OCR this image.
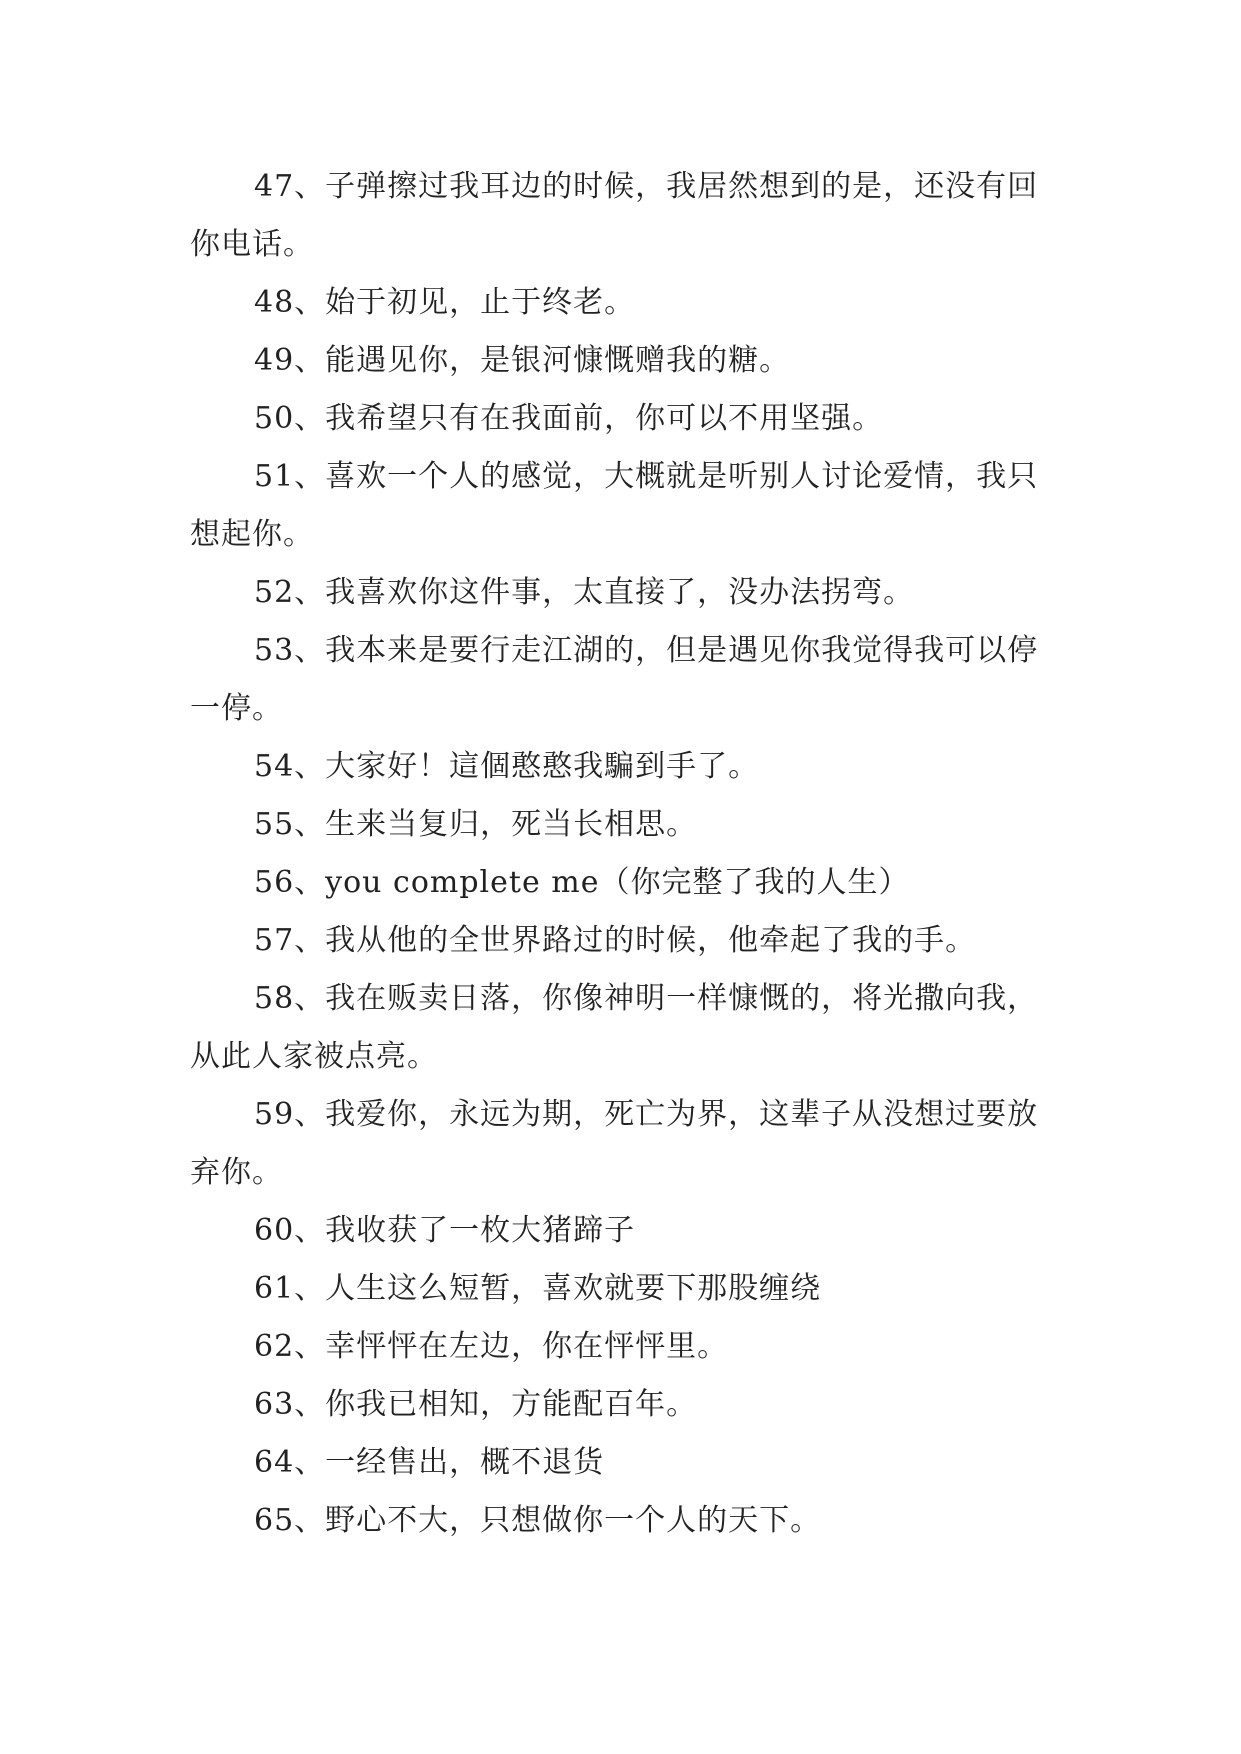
47、子弹擦过我耳边的时候，我居然想到的是，还没有回你电话。

48、始于初见，止于终老。

49、能遇见你，是银河慷慨赠我的糖。

50、我希望只有在我面前，你可以不用坚强。

51、喜欢一个人的感觉，大概就是听别人讨论爱情，我只想起你。

52、我喜欢你这件事，太直接了，没办法拐弯。

53、我本来是要行走江湖的，但是遇见你我觉得我可以停一停。

54、大家好！這個憨憨我騙到手了。

55、生来当复归，死当长相思。

56、you complete me（你完整了我的人生）

57、我从他的全世界路过的时候，他牵起了我的手。

58、我在贩卖日落，你像神明一样慷慨的，将光撒向我，从此人家被点亮。

59、我爱你，永远为期，死亡为界，这辈子从没想过要放弃你。

60、我收获了一枚大猪蹄子

61、人生这么短暂，喜欢就要下那股缠绕

62、幸怦怦在左边，你在怦怦里。

63、你我已相知，方能配百年。

64、一经售出，概不退货

65、野心不大，只想做你一个人的天下。
